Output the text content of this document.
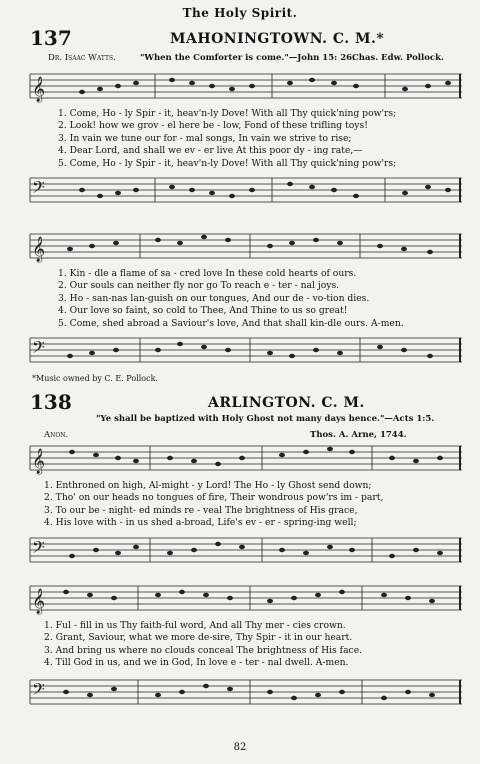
The Holy Spirit.
137	MAHONINGTOWN. C. M.*
Dr. Isaac Watts.	"When the Comforter is come."—John 15: 26.
Chas. Edw. Pollock.
𝄞
1. Come, Ho - ly Spir - it, heav'n-ly Dove! With all Thy quick'ning pow'rs;
2. Look! how we grov - el here be - low, Fond of these trifling toys!
3. In vain we tune our for - mal songs, In vain we strive to rise;
4. Dear Lord, and shall we ev - er live At this poor dy - ing rate,—
5. Come, Ho - ly Spir - it, heav'n-ly Dove! With all Thy quick'ning pow'rs;
𝄢
𝄞
1. Kin - dle a flame of sa - cred love In these cold hearts of ours.
2. Our souls can neither fly nor go To reach e - ter - nal joys.
3. Ho - san-nas lan-guish on our tongues, And our de - vo-tion dies.
4. Our love so faint, so cold to Thee, And Thine to us so great!
5. Come, shed abroad a Saviour's love, And that shall kin-dle ours. A-men.
𝄢
*Music owned by C. E. Pollock.
138	ARLINGTON. C. M.
"Ye shall be baptized with Holy Ghost not many days hence."—Acts 1:5.
Anon.	Thos. A. Arne, 1744.
𝄞
1. Enthroned on high, Al-might - y Lord! The Ho - ly Ghost send down;
2. Tho' on our heads no tongues of fire, Their wondrous pow'rs im - part,
3. To our be - night- ed minds re - veal The brightness of His grace,
4. His love with - in us shed a-broad, Life's ev - er - spring-ing well;
𝄢
𝄞
1. Ful - fill in us Thy faith-ful word, And all Thy mer - cies crown.
2. Grant, Saviour, what we more de-sire, Thy Spir - it in our heart.
3. And bring us where no clouds conceal The brightness of His face.
4. Till God in us, and we in God, In love e - ter - nal dwell. A-men.
𝄢
82
